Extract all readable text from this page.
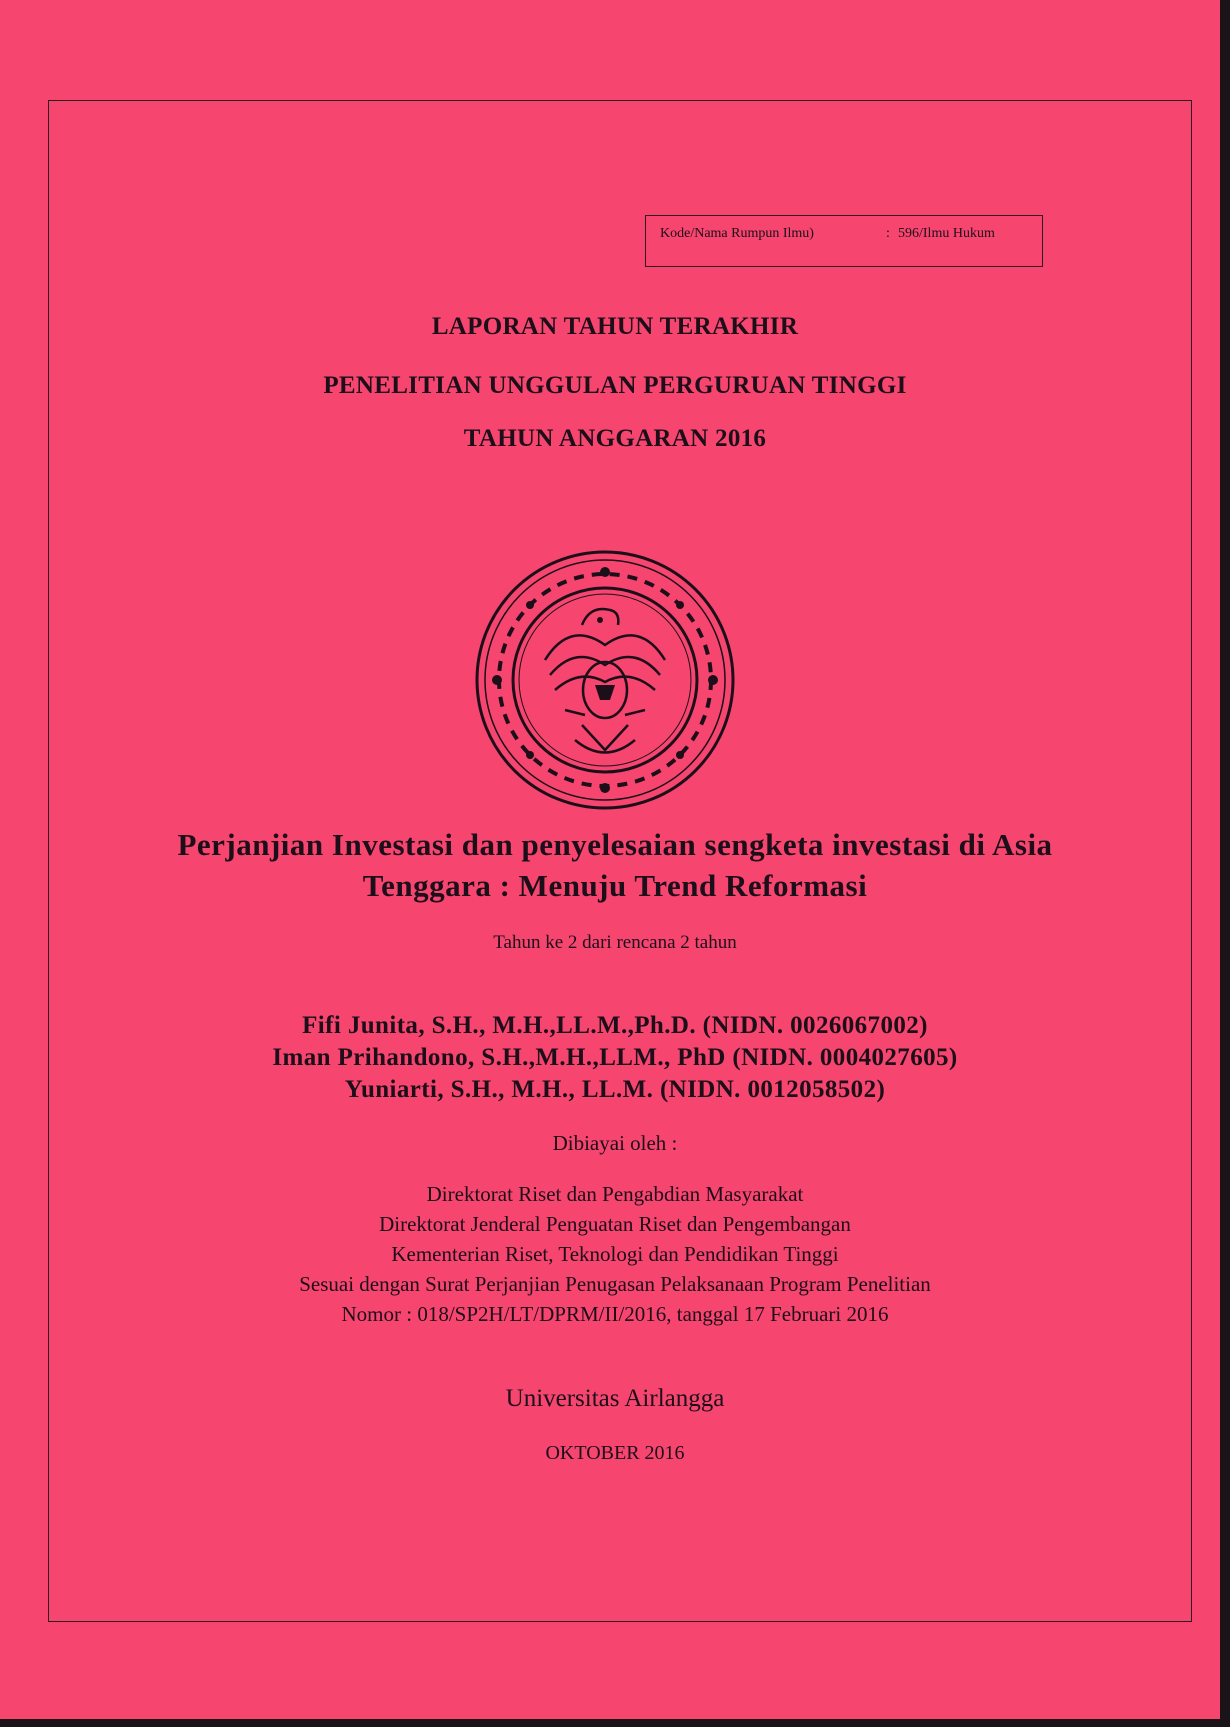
Kode/Nama Rumpun Ilmu)	: 596/Ilmu Hukum
LAPORAN TAHUN TERAKHIR
PENELITIAN UNGGULAN PERGURUAN TINGGI
TAHUN ANGGARAN 2016
Perjanjian Investasi dan penyelesaian sengketa investasi di Asia
Tenggara : Menuju Trend Reformasi
Tahun ke 2 dari rencana 2 tahun
Fifi Junita, S.H., M.H.,LL.M.,Ph.D. (NIDN. 0026067002)
Iman Prihandono, S.H.,M.H.,LLM., PhD (NIDN. 0004027605)
Yuniarti, S.H., M.H., LL.M. (NIDN. 0012058502)
Dibiayai oleh :
Direktorat Riset dan Pengabdian Masyarakat
Direktorat Jenderal Penguatan Riset dan Pengembangan
Kementerian Riset, Teknologi dan Pendidikan Tinggi
Sesuai dengan Surat Perjanjian Penugasan Pelaksanaan Program Penelitian
Nomor : 018/SP2H/LT/DPRM/II/2016, tanggal 17 Februari 2016
Universitas Airlangga
OKTOBER 2016
